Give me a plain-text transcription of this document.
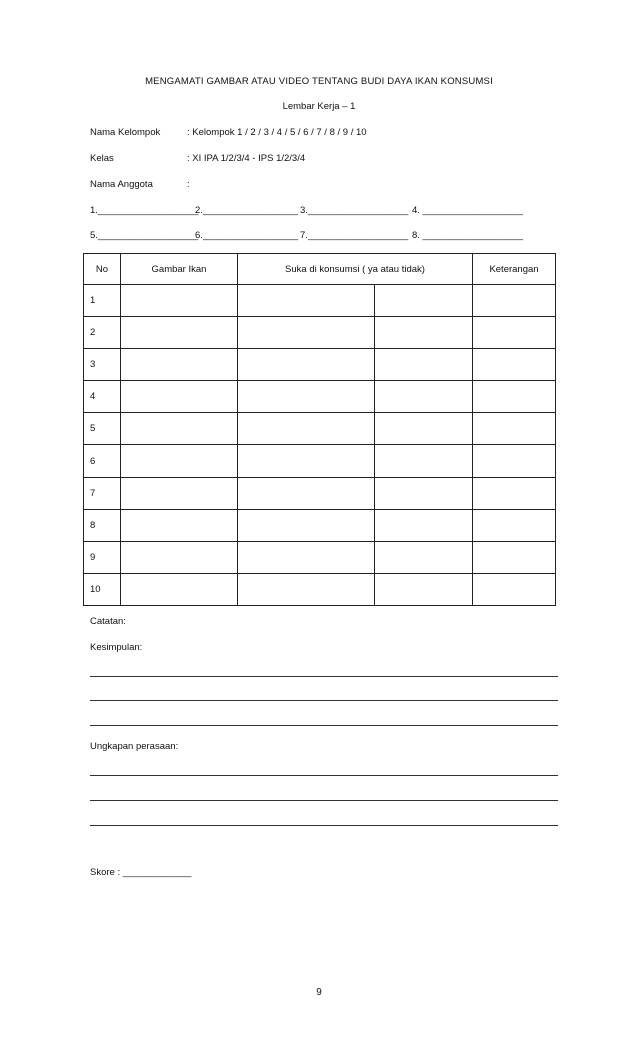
MENGAMATI GAMBAR ATAU VIDEO TENTANG BUDI DAYA IKAN KONSUMSI
Lembar Kerja – 1
Nama Kelompok	: Kelompok 1 / 2 / 3 / 4 / 5 / 6 / 7 / 8 / 9 / 10
Kelas	: XI IPA 1/2/3/4 - IPS 1/2/3/4
Nama Anggota	:
1.___________________
2.__________________ 3.___________________ 4. ___________________
5.___________________
6.__________________ 7.___________________ 8. ___________________
No	Gambar Ikan	Suka di konsumsi ( ya atau tidak)		Keterangan
1				
2				
3				
4				
5				
6				
7				
8				
9				
10				
Catatan:
Kesimpulan:
Ungkapan perasaan:
Skore : _____________
9
